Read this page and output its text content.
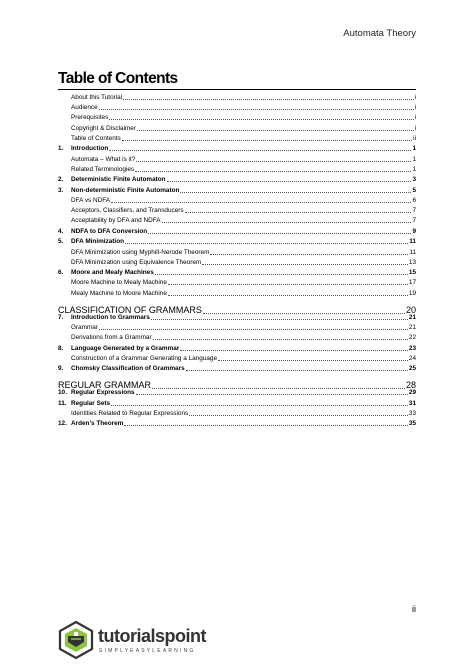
Automata Theory
Table of Contents
About this Tutorial	i
Audience	i
Prerequisites	i
Copyright & Disclaimer	i
Table of Contents	ii
1.	Introduction	1
Automata – What is it?	1
Related Terminologies	1
2.	Deterministic Finite Automaton	3
3.	Non-deterministic Finite Automaton	5
DFA vs NDFA	6
Acceptors, Classifiers, and Transducers	7
Acceptability by DFA and NDFA	7
4.	NDFA to DFA Conversion	9
5.	DFA Minimization	11
DFA Minimization using Myphill-Nerode Theorem	11
DFA Minimization using Equivalence Theorem	13
6.	Moore and Mealy Machines	15
Moore Machine to Mealy Machine	17
Mealy Machine to Moore Machine	19
CLASSIFICATION OF GRAMMARS	20
7.	Introduction to Grammars	21
Grammar	21
Derivations from a Grammar	22
8.	Language Generated by a Grammar	23
Construction of a Grammar Generating a Language	24
9.	Chomsky Classification of Grammars	25
REGULAR GRAMMAR	28
10. Regular Expressions	29
11. Regular Sets	31
Identities Related to Regular Expressions	33
12. Arden’s Theorem	35
ii
tutorialspoint
SIMPLYEASYLEARNING
